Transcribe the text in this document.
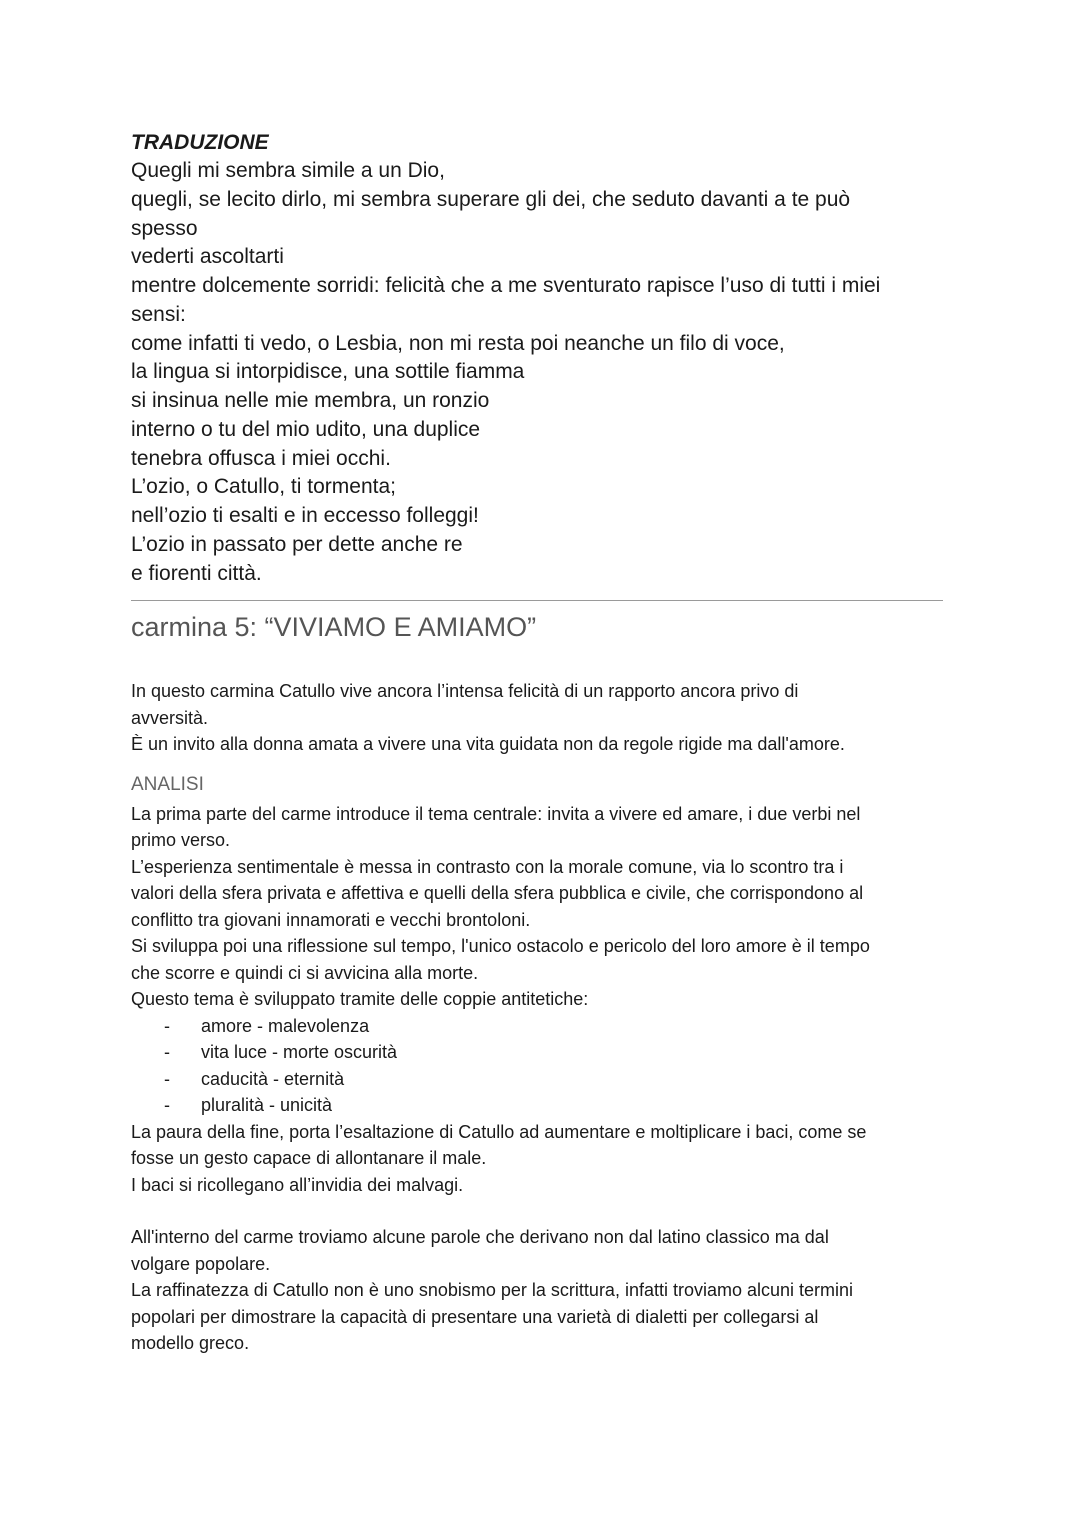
TRADUZIONE

Quegli mi sembra simile a un Dio,

quegli, se lecito dirlo, mi sembra superare gli dei, che seduto davanti a te può

spesso

vederti ascoltarti

mentre dolcemente sorridi: felicità che a me sventurato rapisce l’uso di tutti i miei

sensi:

come infatti ti vedo, o Lesbia, non mi resta poi neanche un filo di voce,

la lingua si intorpidisce, una sottile fiamma

si insinua nelle mie membra, un ronzio

interno o tu del mio udito, una duplice

tenebra offusca i miei occhi.

L’ozio, o Catullo, ti tormenta;

nell’ozio ti esalti e in eccesso folleggi!

L’ozio in passato per dette anche re

e fiorenti città.

carmina 5: “VIVIAMO E AMIAMO”

In questo carmina Catullo vive ancora l’intensa felicità di un rapporto ancora privo di

avversità.

È un invito alla donna amata a vivere una vita guidata non da regole rigide ma dall'amore.

ANALISI

La prima parte del carme introduce il tema centrale: invita a vivere ed amare, i due verbi nel

primo verso.

L’esperienza sentimentale è messa in contrasto con la morale comune, via lo scontro tra i

valori della sfera privata e affettiva e quelli della sfera pubblica e civile, che corrispondono al

conflitto tra giovani innamorati e vecchi brontoloni.

Si sviluppa poi una riflessione sul tempo, l'unico ostacolo e pericolo del loro amore è il tempo

che scorre e quindi ci si avvicina alla morte.

Questo tema è sviluppato tramite delle coppie antitetiche:

- amore - malevolenza
- vita luce - morte oscurità
- caducità - eternità
- pluralità - unicità

La paura della fine, porta l’esaltazione di Catullo ad aumentare e moltiplicare i baci, come se

fosse un gesto capace di allontanare il male.

I baci si ricollegano all’invidia dei malvagi.

All'interno del carme troviamo alcune parole che derivano non dal latino classico ma dal

volgare popolare.

La raffinatezza di Catullo non è uno snobismo per la scrittura, infatti troviamo alcuni termini

popolari per dimostrare la capacità di presentare una varietà di dialetti per collegarsi al

modello greco.
